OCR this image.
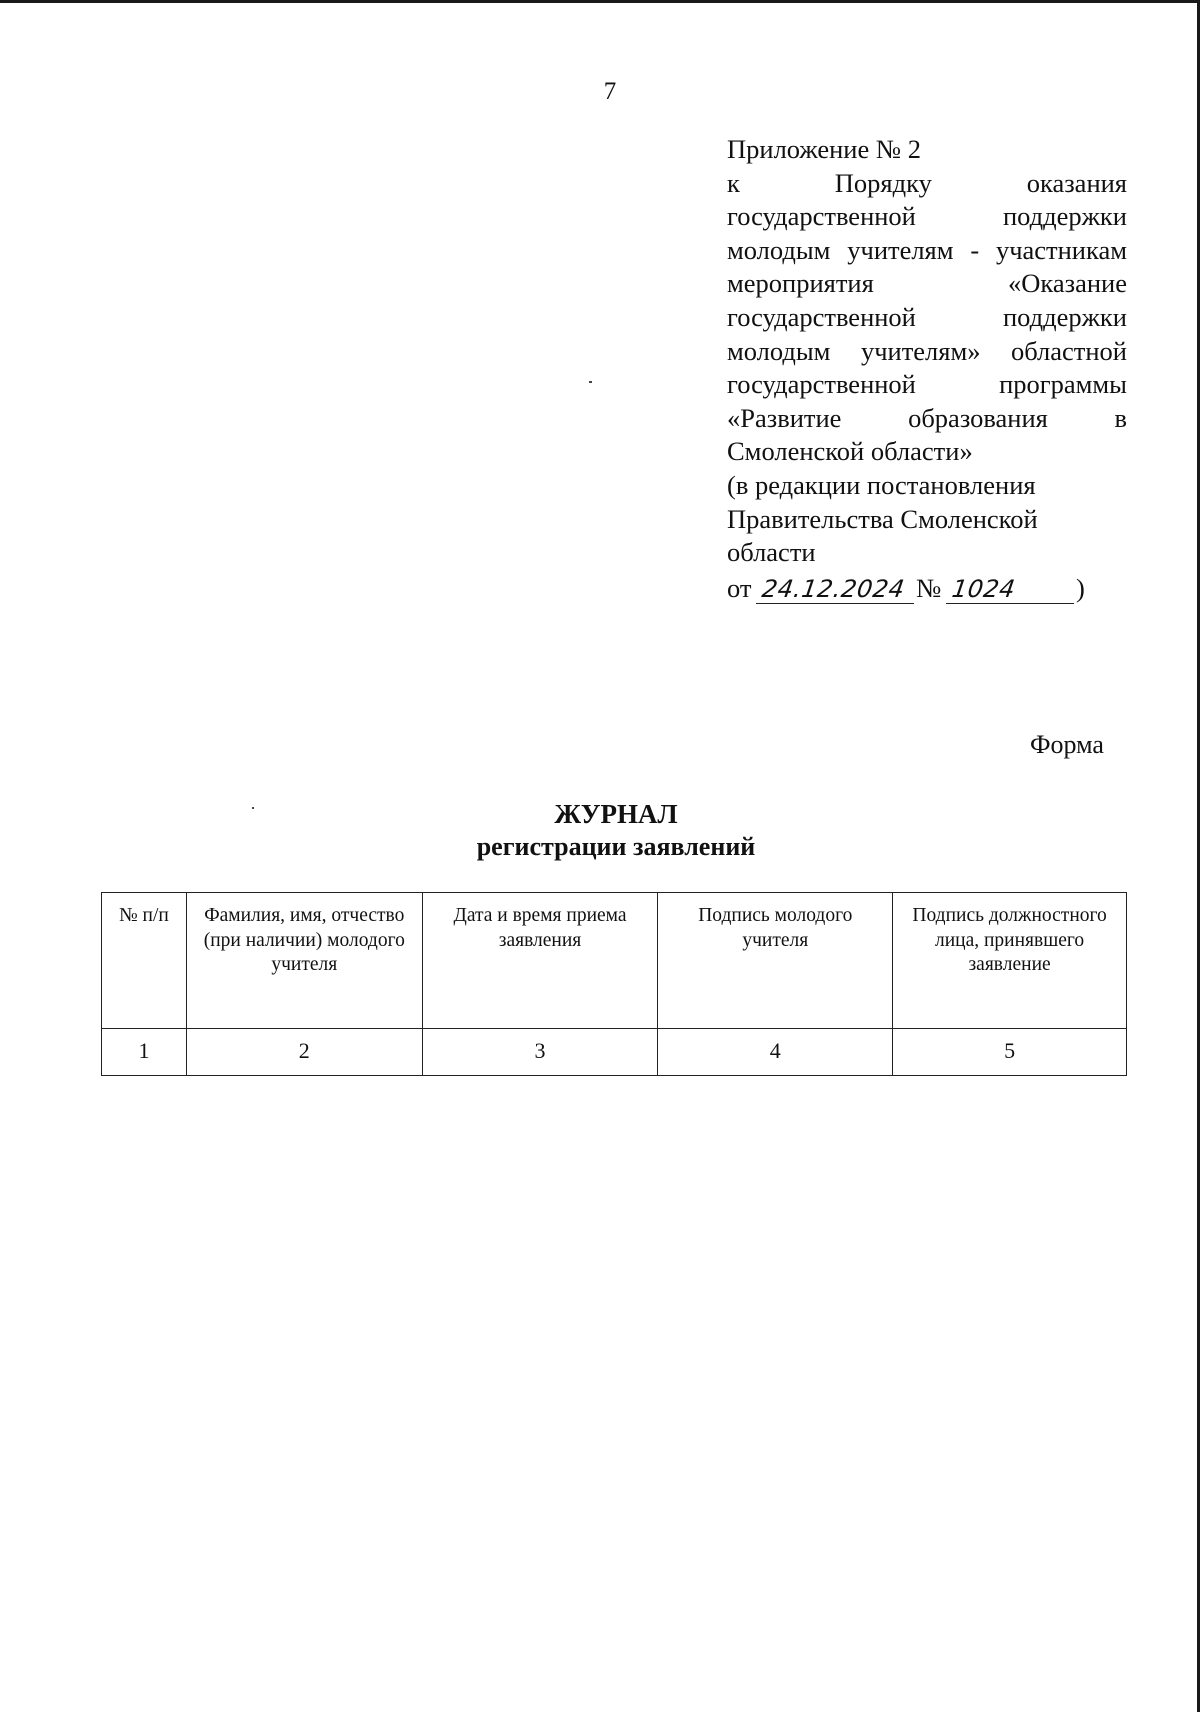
7
Приложение № 2
к Порядку оказания
государственной поддержки
молодым учителям - участникам
мероприятия «Оказание
государственной поддержки
молодым учителям» областной
государственной программы
«Развитие образования в
Смоленской области»
(в редакции постановления
Правительства Смоленской
области
от 24.12.2024 № 1024 )
Форма
ЖУРНАЛ
регистрации заявлений
№ п/п	Фамилия, имя, отчество (при наличии) молодого учителя	Дата и время приема заявления	Подпись молодого учителя	Подпись должностного лица, принявшего заявление
1	2	3	4	5
